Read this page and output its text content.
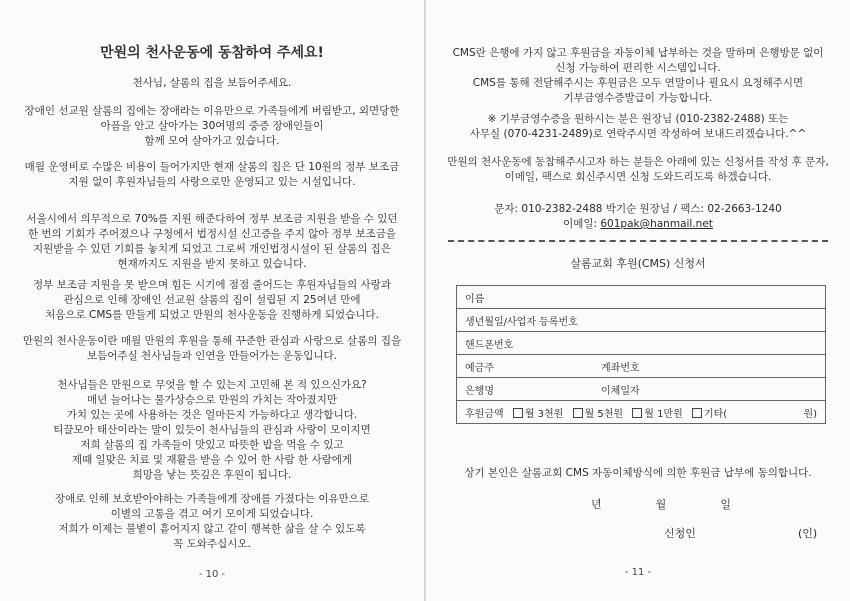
만원의 천사운동에 동참하여 주세요!
천사님, 살롬의 집을 보듬어주세요.
장애인 선교원 살롬의 집에는 장애라는 이유만으로 가족들에게 버림받고, 외면당한
아픔을 안고 살아가는 30여명의 중증 장애인들이
함께 모여 살아가고 있습니다.
매월 운영비로 수많은 비용이 들어가지만 현재 살롬의 집은 단 10원의 정부 보조금
지원 없이 후원자님들의 사랑으로만 운영되고 있는 시설입니다.
서울시에서 의무적으로 70%를 지원 해준다하여 정부 보조금 지원을 받을 수 있던
한 번의 기회가 주어졌으나 구청에서 법정시설 신고증을 주지 않아 정부 보조금을
지원받을 수 있던 기회를 놓치게 되었고 그로써 개인법정시설이 된 살롬의 집은
현재까지도 지원을 받지 못하고 있습니다.
정부 보조금 지원을 못 받으며 힘든 시기에 점점 줄어드는 후원자님들의 사랑과
관심으로 인해 장애인 선교원 살롬의 집이 설립된 지 25여년 만에
처음으로 CMS를 만들게 되었고 만원의 천사운동을 진행하게 되었습니다.
만원의 천사운동이란 매월 만원의 후원을 통해 꾸준한 관심과 사랑으로 살롬의 집을
보듬어주실 천사님들과 인연을 만들어가는 운동입니다.
천사님들은 만원으로 무엇을 할 수 있는지 고민해 본 적 있으신가요?
매년 늘어나는 물가상승으로 만원의 가치는 작아졌지만
가치 있는 곳에 사용하는 것은 얼마든지 가능하다고 생각합니다.
티끌모아 태산이라는 말이 있듯이 천사님들의 관심과 사랑이 모이지면
저희 살롬의 집 가족들이 맛있고 따뜻한 밥을 먹을 수 있고
제때 일맞은 치료 및 재활을 받을 수 있어 한 사람 한 사람에게
희망을 낳는 뜻깊은 후원이 됩니다.
장애로 인해 보호받아야하는 가족들에게 장애를 가졌다는 이유만으로
이별의 고통을 겪고 여기 모이게 되었습니다.
저희가 이제는 불볕이 흩어지지 않고 같이 행복한 삶을 살 수 있도록
꼭 도와주십시오.
- 10 -
CMS란 은행에 가지 않고 후원금을 자동이체 납부하는 것을 말하며 은행방문 없이
신청 가능하여 편리한 시스템입니다.
CMS를 통해 전달해주시는 후원금은 모두 연말이나 필요시 요청해주시면
기부금영수증발급이 가능합니다.
※ 기부금영수증을 원하시는 분은 원장님 (010-2382-2488) 또는
사무실 (070-4231-2489)로 연락주시면 작성하여 보내드리겠습니다.^^
만원의 천사운동에 동참해주시고자 하는 분들은 아래에 있는 신청서를 작성 후 문자,
이메일, 팩스로 회신주시면 신청 도와드리도록 하겠습니다.
문자: 010-2382-2488 박기순 원장님 / 팩스: 02-2663-1240
이메일: 601pak@hanmail.net
살롬교회 후원(CMS) 신청서
이름	
생년월일/사업자 등록번호	
핸드폰번호	
예금주	계좌번호
은행명	이체일자
후원금액 월 3천원 월 5천원 월 1만원 기타( 원)	
상기 본인은 살롬교회 CMS 자동이체방식에 의한 후원금 납부에 동의합니다.
년	월	일
신청인	(인)
- 11 -
